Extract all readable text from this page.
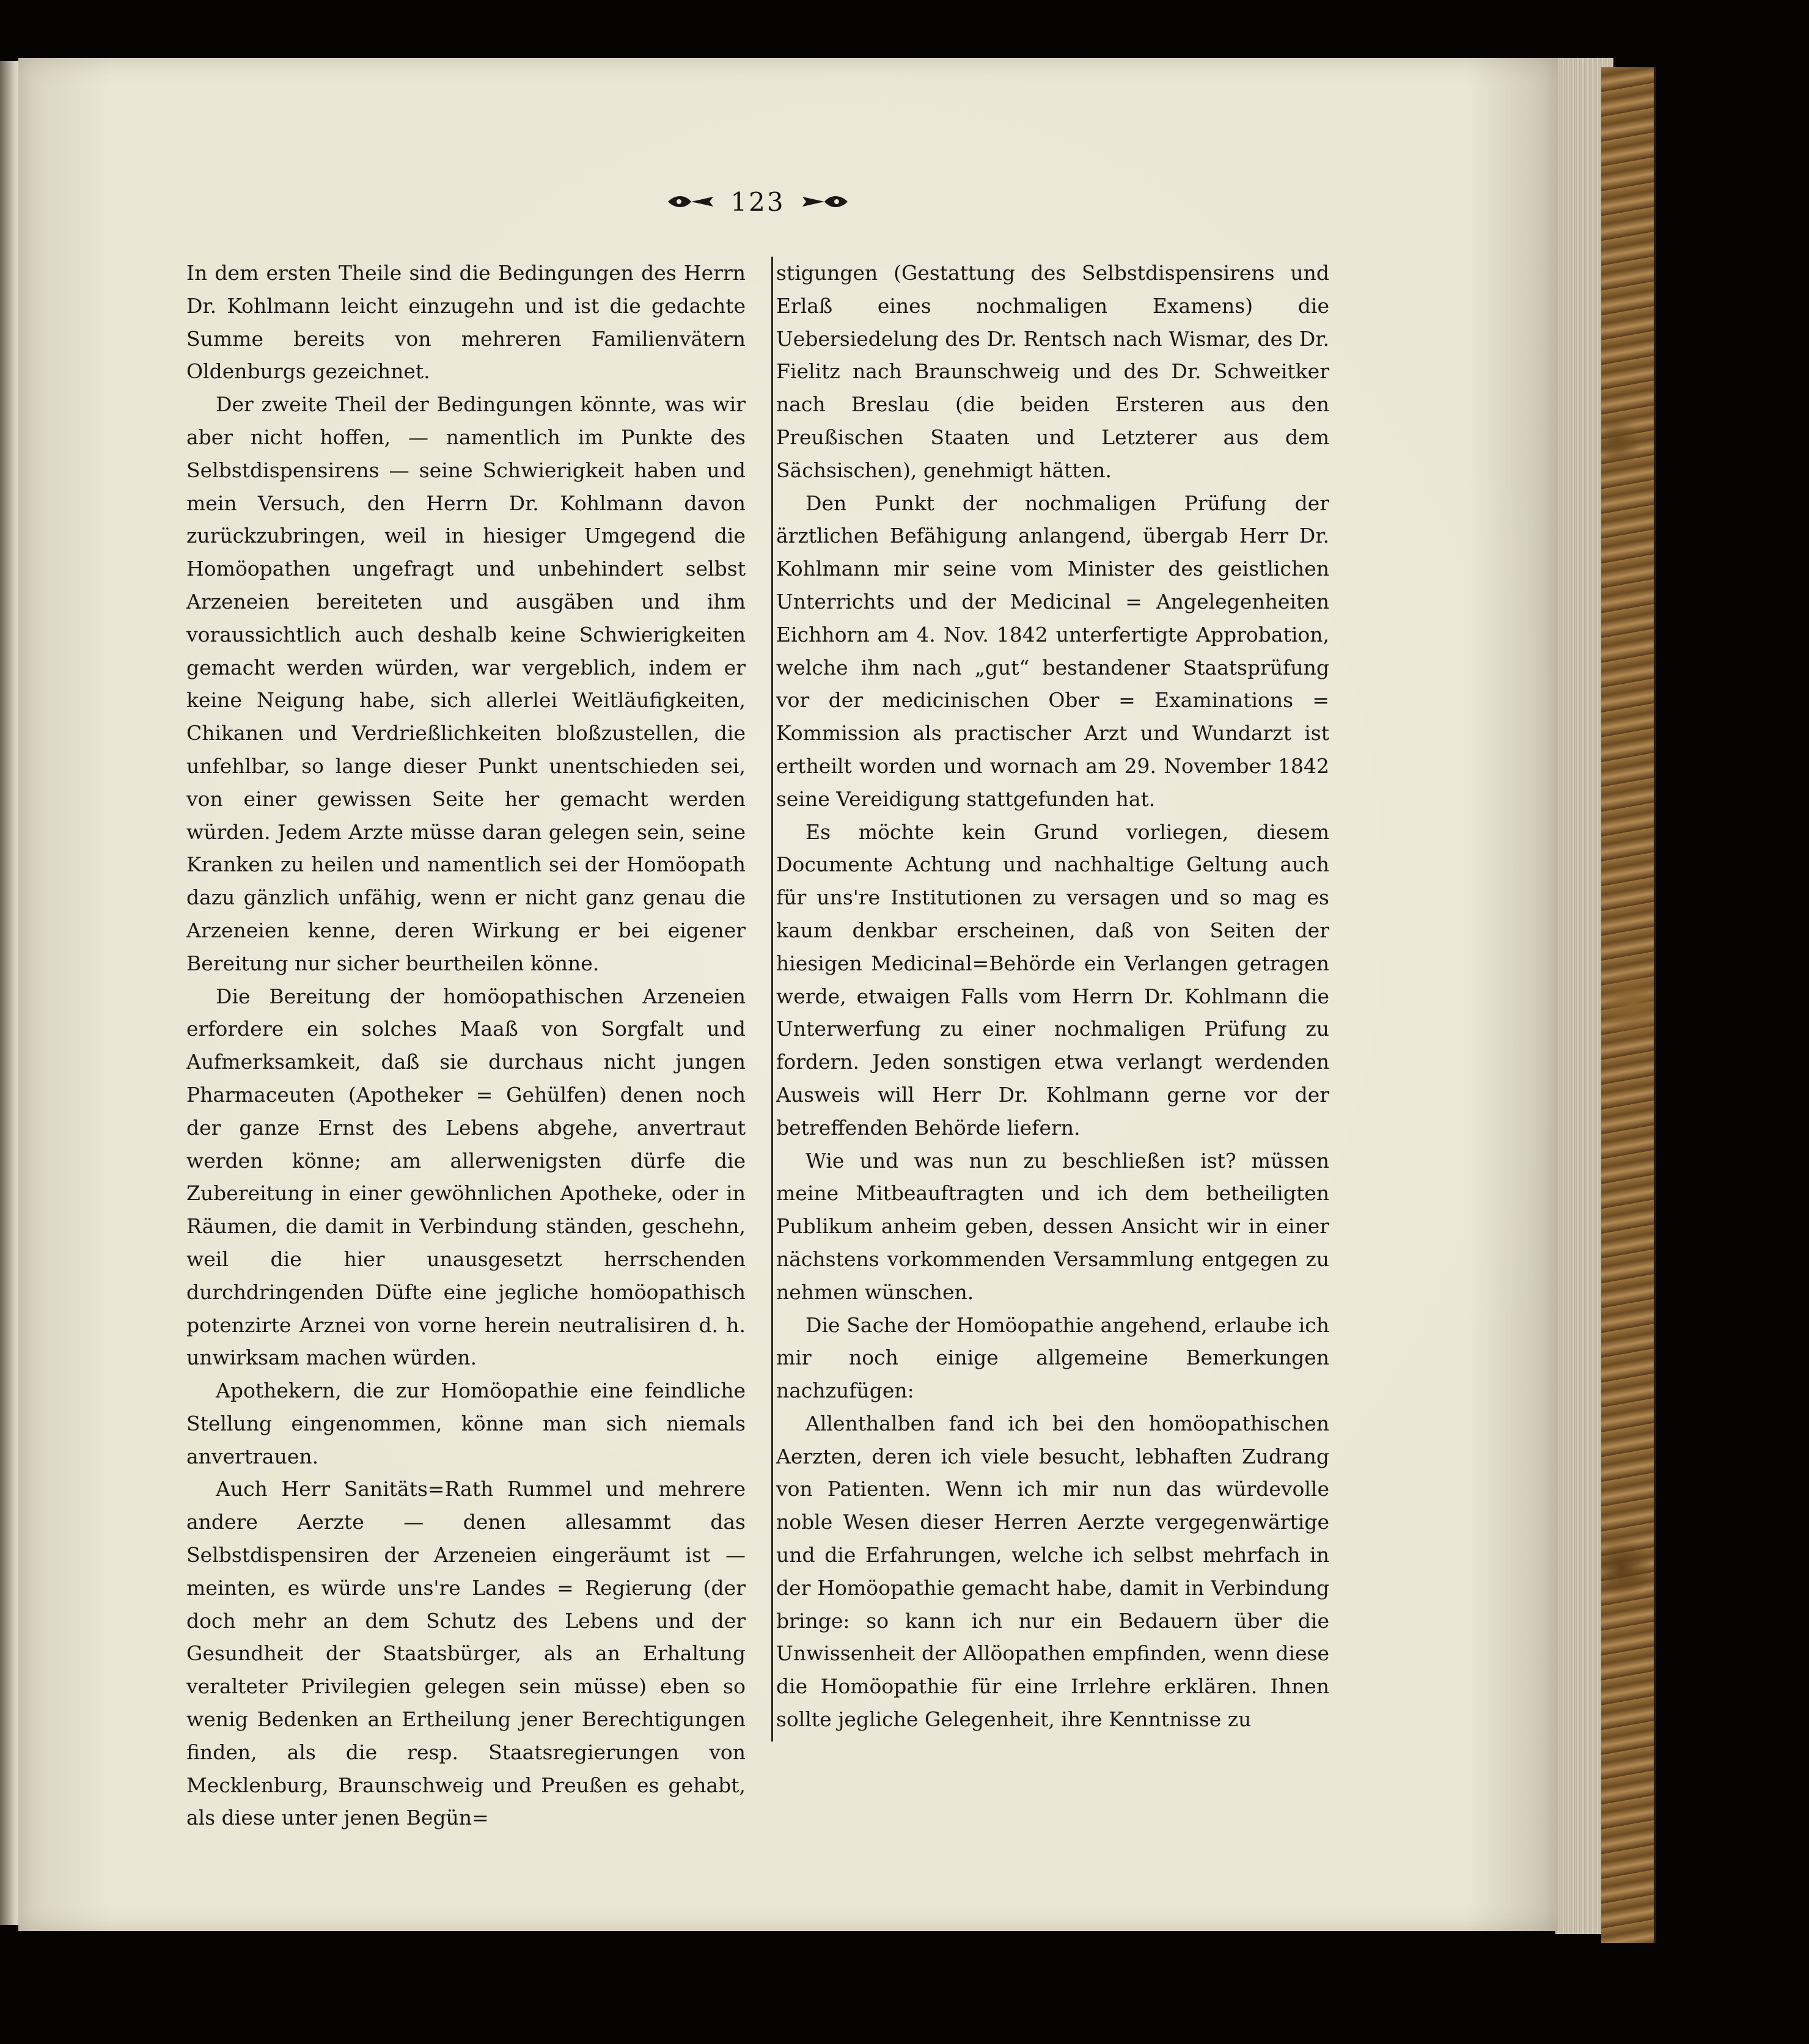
123

In dem ersten Theile sind die Bedingungen des Herrn Dr. Kohlmann leicht einzugehn und ist die gedachte Summe bereits von mehreren Familienvätern Oldenburgs gezeichnet.

Der zweite Theil der Bedingungen könnte, was wir aber nicht hoffen, — namentlich im Punkte des Selbstdispensirens — seine Schwierigkeit haben und mein Versuch, den Herrn Dr. Kohlmann davon zurückzubringen, weil in hiesiger Umgegend die Homöopathen ungefragt und unbehindert selbst Arzeneien bereiteten und ausgäben und ihm voraussichtlich auch deshalb keine Schwierigkeiten gemacht werden würden, war vergeblich, indem er keine Neigung habe, sich allerlei Weitläufigkeiten, Chikanen und Verdrießlichkeiten bloßzustellen, die unfehlbar, so lange dieser Punkt unentschieden sei, von einer gewissen Seite her gemacht werden würden. Jedem Arzte müsse daran gelegen sein, seine Kranken zu heilen und namentlich sei der Homöopath dazu gänzlich unfähig, wenn er nicht ganz genau die Arzeneien kenne, deren Wirkung er bei eigener Bereitung nur sicher beurtheilen könne.

Die Bereitung der homöopathischen Arzeneien erfordere ein solches Maaß von Sorgfalt und Aufmerksamkeit, daß sie durchaus nicht jungen Pharmaceuten (Apotheker = Gehülfen) denen noch der ganze Ernst des Lebens abgehe, anvertraut werden könne; am allerwenigsten dürfe die Zubereitung in einer gewöhnlichen Apotheke, oder in Räumen, die damit in Verbindung ständen, geschehn, weil die hier unausgesetzt herrschenden durchdringenden Düfte eine jegliche homöopathisch potenzirte Arznei von vorne herein neutralisiren d. h. unwirksam machen würden.

Apothekern, die zur Homöopathie eine feindliche Stellung eingenommen, könne man sich niemals anvertrauen.

Auch Herr Sanitäts=Rath Rummel und mehrere andere Aerzte — denen allesammt das Selbstdispensiren der Arzeneien eingeräumt ist — meinten, es würde uns're Landes = Regierung (der doch mehr an dem Schutz des Lebens und der Gesundheit der Staatsbürger, als an Erhaltung veralteter Privilegien gelegen sein müsse) eben so wenig Bedenken an Ertheilung jener Berechtigungen finden, als die resp. Staatsregierungen von Mecklenburg, Braunschweig und Preußen es gehabt, als diese unter jenen Begün=

stigungen (Gestattung des Selbstdispensirens und Erlaß eines nochmaligen Examens) die Uebersiedelung des Dr. Rentsch nach Wismar, des Dr. Fielitz nach Braunschweig und des Dr. Schweitker nach Breslau (die beiden Ersteren aus den Preußischen Staaten und Letzterer aus dem Sächsischen), genehmigt hätten.

Den Punkt der nochmaligen Prüfung der ärztlichen Befähigung anlangend, übergab Herr Dr. Kohlmann mir seine vom Minister des geistlichen Unterrichts und der Medicinal = Angelegenheiten Eichhorn am 4. Nov. 1842 unterfertigte Approbation, welche ihm nach „gut“ bestandener Staatsprüfung vor der medicinischen Ober = Examinations = Kommission als practischer Arzt und Wundarzt ist ertheilt worden und wornach am 29. November 1842 seine Vereidigung stattgefunden hat.

Es möchte kein Grund vorliegen, diesem Documente Achtung und nachhaltige Geltung auch für uns're Institutionen zu versagen und so mag es kaum denkbar erscheinen, daß von Seiten der hiesigen Medicinal=Behörde ein Verlangen getragen werde, etwaigen Falls vom Herrn Dr. Kohlmann die Unterwerfung zu einer nochmaligen Prüfung zu fordern. Jeden sonstigen etwa verlangt werdenden Ausweis will Herr Dr. Kohlmann gerne vor der betreffenden Behörde liefern.

Wie und was nun zu beschließen ist? müssen meine Mitbeauftragten und ich dem betheiligten Publikum anheim geben, dessen Ansicht wir in einer nächstens vorkommenden Versammlung entgegen zu nehmen wünschen.

Die Sache der Homöopathie angehend, erlaube ich mir noch einige allgemeine Bemerkungen nachzufügen:

Allenthalben fand ich bei den homöopathischen Aerzten, deren ich viele besucht, lebhaften Zudrang von Patienten. Wenn ich mir nun das würdevolle noble Wesen dieser Herren Aerzte vergegenwärtige und die Erfahrungen, welche ich selbst mehrfach in der Homöopathie gemacht habe, damit in Verbindung bringe: so kann ich nur ein Bedauern über die Unwissenheit der Allöopathen empfinden, wenn diese die Homöopathie für eine Irrlehre erklären. Ihnen sollte jegliche Gelegenheit, ihre Kenntnisse zu
